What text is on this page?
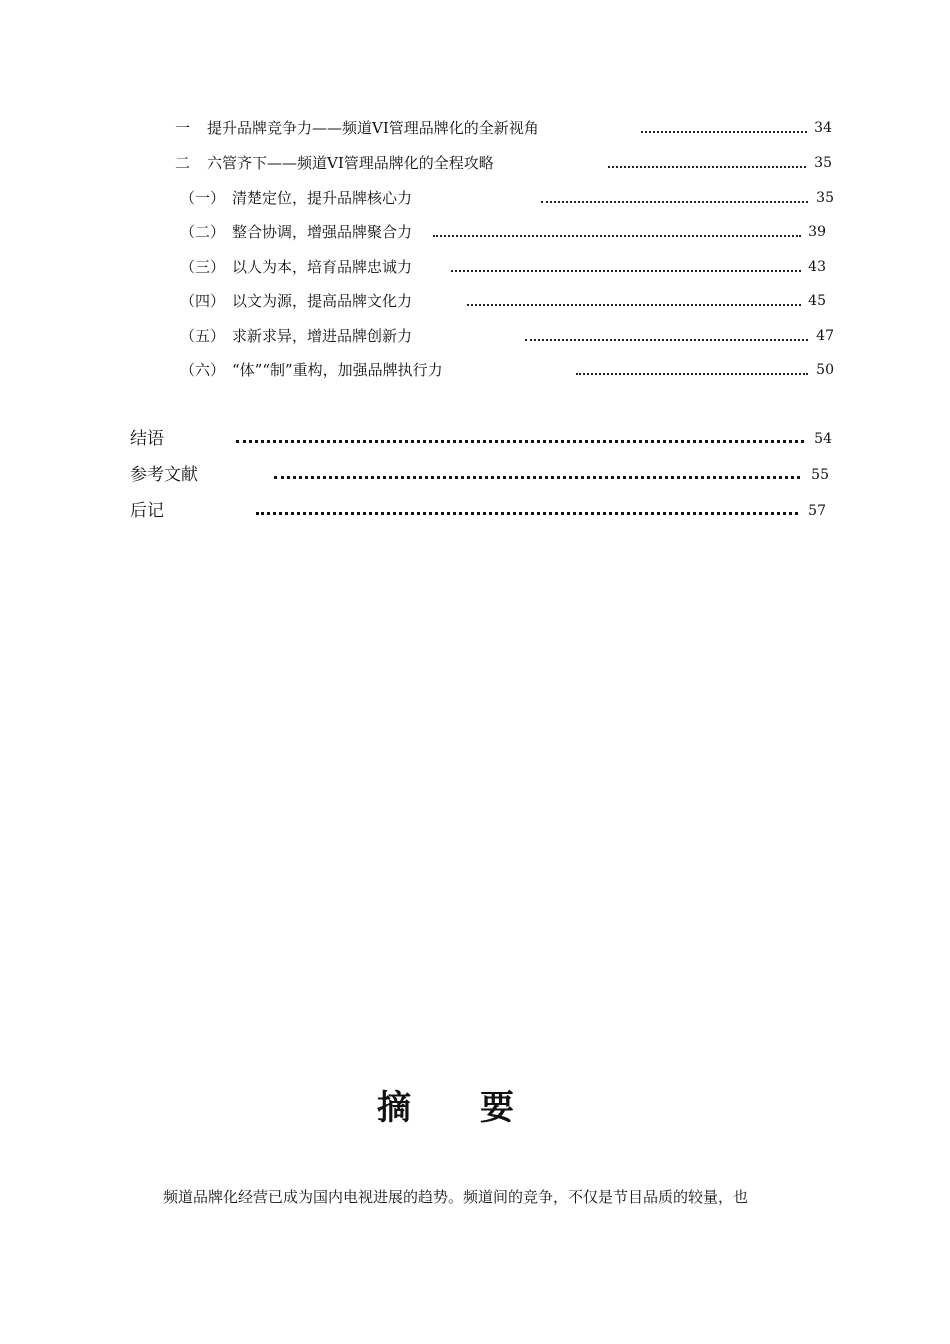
一 提升品牌竞争力——频道VI管理品牌化的全新视角	34
二 六管齐下——频道VI管理品牌化的全程攻略	35
（一） 清楚定位，提升品牌核心力	35
（二） 整合协调，增强品牌聚合力	39
（三） 以人为本，培育品牌忠诚力	43
（四） 以文为源，提高品牌文化力	45
（五） 求新求异，增进品牌创新力	47
（六） “体”“制”重构，加强品牌执行力	50
结语	54
参考文献	55
后记	57
摘 要
频道品牌化经营已成为国内电视进展的趋势。频道间的竞争，不仅是节目品质的较量，也
